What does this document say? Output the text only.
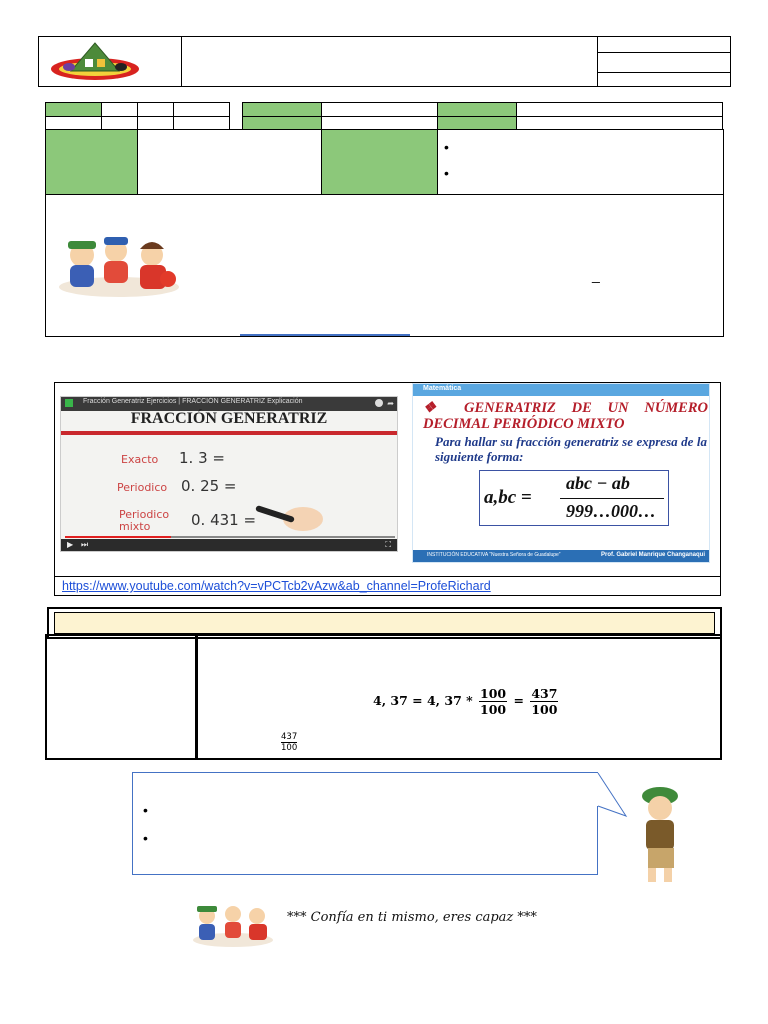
•
•
_
Fracción Generatriz Ejercicios | FRACCIÓN GENERATRIZ Explicación	➦
FRACCIÓN GENERATRIZ
Exacto 1. 3 =
Periodico 0. 25 =
Periodico mixto	0. 431 =
▶ ⏭	⛶
Matemática
❖ GENERATRIZ DE UN NÚMERO DECIMAL PERIÓDICO MIXTO
Para hallar su fracción generatriz se expresa de la siguiente forma:
a,bc =
abc − ab
999…000…
INSTITUCIÓN EDUCATIVA “Nuestra Señora de Guadalupe”	Prof. Gabriel Manrique Changanaqui
https://www.youtube.com/watch?v=vPCTcb2vAzw&ab_channel=ProfeRichard
4, 37 = 4, $37 * \frac{100}{100} = \frac{437}{100}$
$\frac{437}{100}$
•
•
*** Confía en ti mismo, eres capaz ***
